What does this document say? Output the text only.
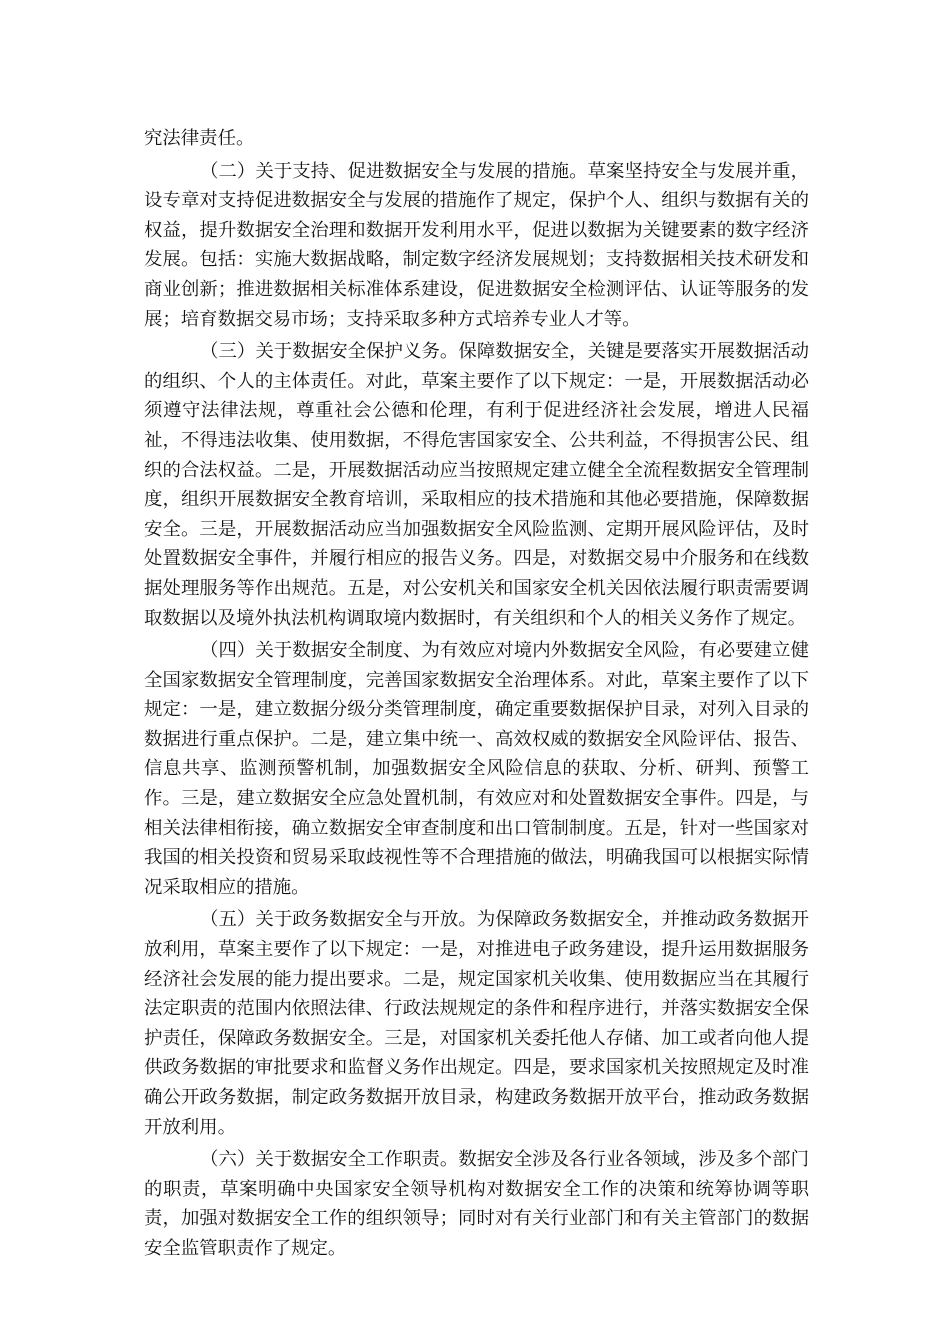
究法律责任。

（二）关于支持、促进数据安全与发展的措施。草案坚持安全与发展并重，设专章对支持促进数据安全与发展的措施作了规定，保护个人、组织与数据有关的权益，提升数据安全治理和数据开发利用水平，促进以数据为关键要素的数字经济发展。包括：实施大数据战略，制定数字经济发展规划；支持数据相关技术研发和商业创新；推进数据相关标准体系建设，促进数据安全检测评估、认证等服务的发展；培育数据交易市场；支持采取多种方式培养专业人才等。

（三）关于数据安全保护义务。保障数据安全，关键是要落实开展数据活动的组织、个人的主体责任。对此，草案主要作了以下规定：一是，开展数据活动必须遵守法律法规，尊重社会公德和伦理，有利于促进经济社会发展，增进人民福祉，不得违法收集、使用数据，不得危害国家安全、公共利益，不得损害公民、组织的合法权益。二是，开展数据活动应当按照规定建立健全全流程数据安全管理制度，组织开展数据安全教育培训，采取相应的技术措施和其他必要措施，保障数据安全。三是，开展数据活动应当加强数据安全风险监测、定期开展风险评估，及时处置数据安全事件，并履行相应的报告义务。四是，对数据交易中介服务和在线数据处理服务等作出规范。五是，对公安机关和国家安全机关因依法履行职责需要调取数据以及境外执法机构调取境内数据时，有关组织和个人的相关义务作了规定。

（四）关于数据安全制度、为有效应对境内外数据安全风险，有必要建立健全国家数据安全管理制度，完善国家数据安全治理体系。对此，草案主要作了以下规定：一是，建立数据分级分类管理制度，确定重要数据保护目录，对列入目录的数据进行重点保护。二是，建立集中统一、高效权威的数据安全风险评估、报告、信息共享、监测预警机制，加强数据安全风险信息的获取、分析、研判、预警工作。三是，建立数据安全应急处置机制，有效应对和处置数据安全事件。四是，与相关法律相衔接，确立数据安全审查制度和出口管制制度。五是，针对一些国家对我国的相关投资和贸易采取歧视性等不合理措施的做法，明确我国可以根据实际情况采取相应的措施。

（五）关于政务数据安全与开放。为保障政务数据安全，并推动政务数据开放利用，草案主要作了以下规定：一是，对推进电子政务建设，提升运用数据服务经济社会发展的能力提出要求。二是，规定国家机关收集、使用数据应当在其履行法定职责的范围内依照法律、行政法规规定的条件和程序进行，并落实数据安全保护责任，保障政务数据安全。三是，对国家机关委托他人存储、加工或者向他人提供政务数据的审批要求和监督义务作出规定。四是，要求国家机关按照规定及时准确公开政务数据，制定政务数据开放目录，构建政务数据开放平台，推动政务数据开放利用。

（六）关于数据安全工作职责。数据安全涉及各行业各领域，涉及多个部门的职责，草案明确中央国家安全领导机构对数据安全工作的决策和统筹协调等职责，加强对数据安全工作的组织领导；同时对有关行业部门和有关主管部门的数据安全监管职责作了规定。
